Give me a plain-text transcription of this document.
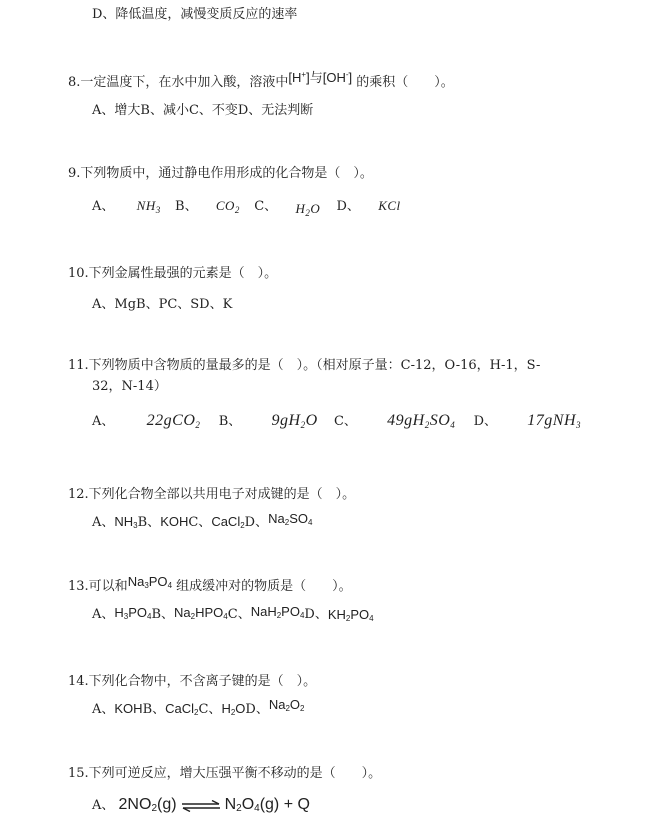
D、降低温度，减慢变质反应的速率
8.一定温度下，在水中加入酸，溶液中[H+]与[OH-] 的乘积（　　）。
A、增大B、减小C、不变D、无法判断
9.下列物质中，通过静电作用形成的化合物是（　）。
A、 $NH_3$ B、 $CO_2$ C、 $H_2O$ D、 KCl
10.下列金属性最强的元素是（　）。
A、MgB、PC、SD、K
11.下列物质中含物质的量最多的是（　）。（相对原子量：C-12，O-16，H-1，S-
32，N-14）
A、 22gCO$_2$ B、 $9gH_2O$ C、 $49gH_2SO_4$ D、 17gNH$_3$
12.下列化合物全部以共用电子对成键的是（　）。
A、NH3B、KOHC、CaCl2D、Na2SO4
13.可以和Na3PO4 组成缓冲对的物质是（　　）。
A、H3PO4B、Na2HPO4C、NaH2PO4D、KH2PO4
14.下列化合物中，不含离子键的是（　）。
A、KOHB、CaCl2C、H2OD、Na2O2
15.下列可逆反应，增大压强平衡不移动的是（　　）。
A、 2NO2(g) ⇌ N2O4(g) + Q
